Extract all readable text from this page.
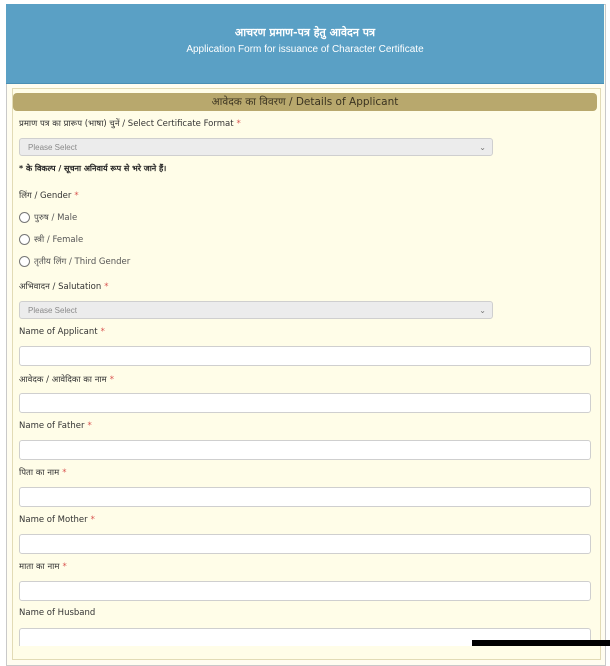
आचरण प्रमाण-पत्र हेतु आवेदन पत्र
Application Form for issuance of Character Certificate
आवेदक का विवरण / Details of Applicant
प्रमाण पत्र का प्रारूप (भाषा) चुनें / Select Certificate Format *
Please Select	⌄
* के विकल्प / सूचना अनिवार्य रूप से भरे जाने हैं।
लिंग / Gender *
पुरुष / Male
स्त्री / Female
तृतीय लिंग / Third Gender
अभिवादन / Salutation *
Please Select	⌄
Name of Applicant *
आवेदक / आवेदिका का नाम *
Name of Father *
पिता का नाम *
Name of Mother *
माता का नाम *
Name of Husband
